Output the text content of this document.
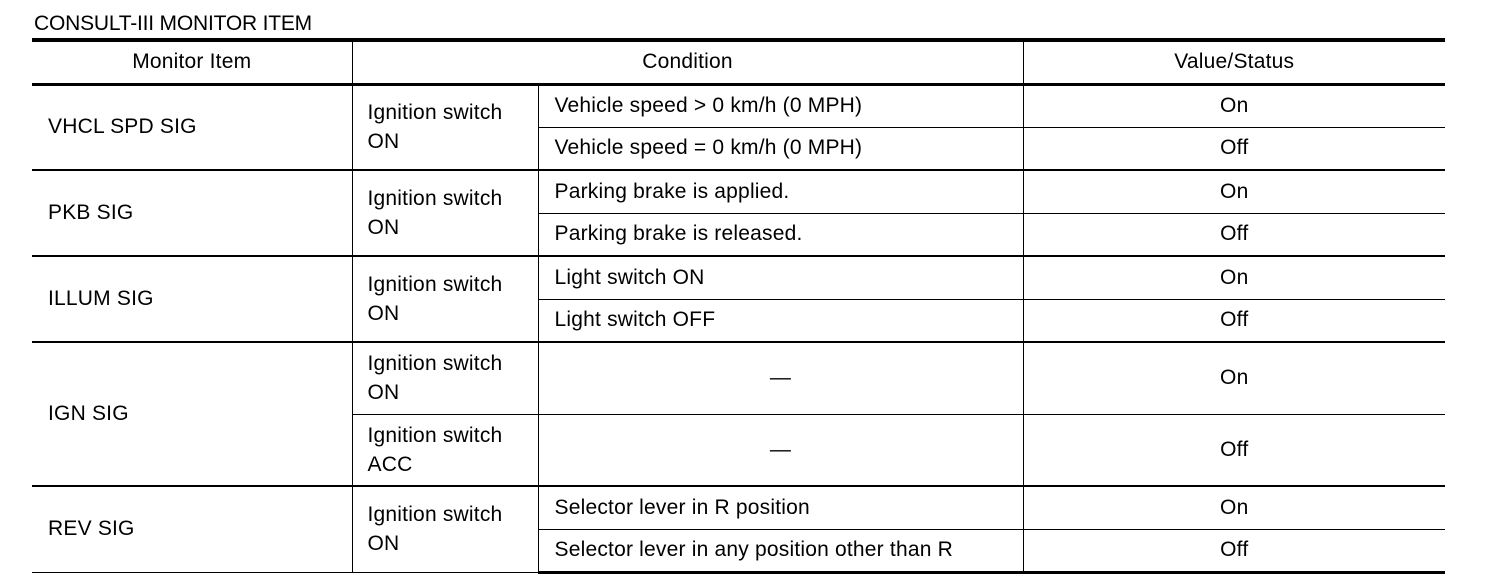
CONSULT-III MONITOR ITEM
Monitor Item	Condition		Value/Status
VHCL SPD SIG	Ignition switch ON	Vehicle speed > 0 km/h (0 MPH)	On
		Vehicle speed = 0 km/h (0 MPH)	Off
PKB SIG	Ignition switch ON	Parking brake is applied.	On
		Parking brake is released.	Off
ILLUM SIG	Ignition switch ON	Light switch ON	On
		Light switch OFF	Off
IGN SIG	Ignition switch ON	—	On
	Ignition switch ACC	—	Off
REV SIG	Ignition switch ON	Selector lever in R position	On
		Selector lever in any position other than R	Off
